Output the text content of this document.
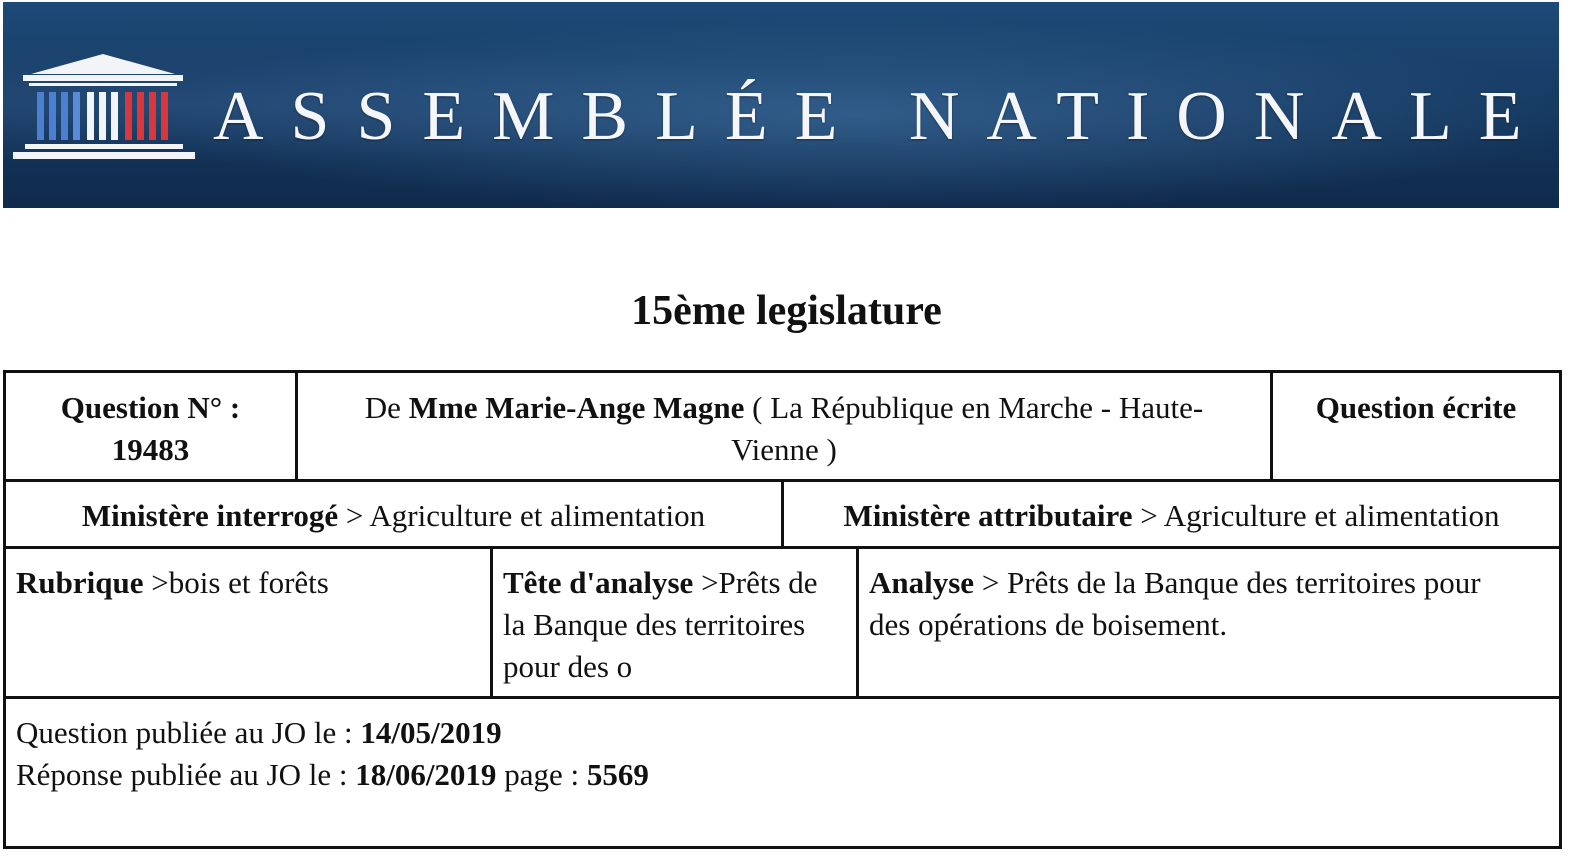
ASSEMBLÉE NATIONALE
15ème legislature
Question N° :
19483
De Mme Marie-Ange Magne ( La République en Marche - Haute-
Vienne )
Question écrite
Ministère interrogé > Agriculture et alimentation	Ministère attributaire > Agriculture et alimentation
Rubrique >bois et forêts	Tête d'analyse >Prêts de
la Banque des territoires
pour des o
Analyse > Prêts de la Banque des territoires pour
des opérations de boisement.
Question publiée au JO le : 14/05/2019
Réponse publiée au JO le : 18/06/2019 page : 5569
